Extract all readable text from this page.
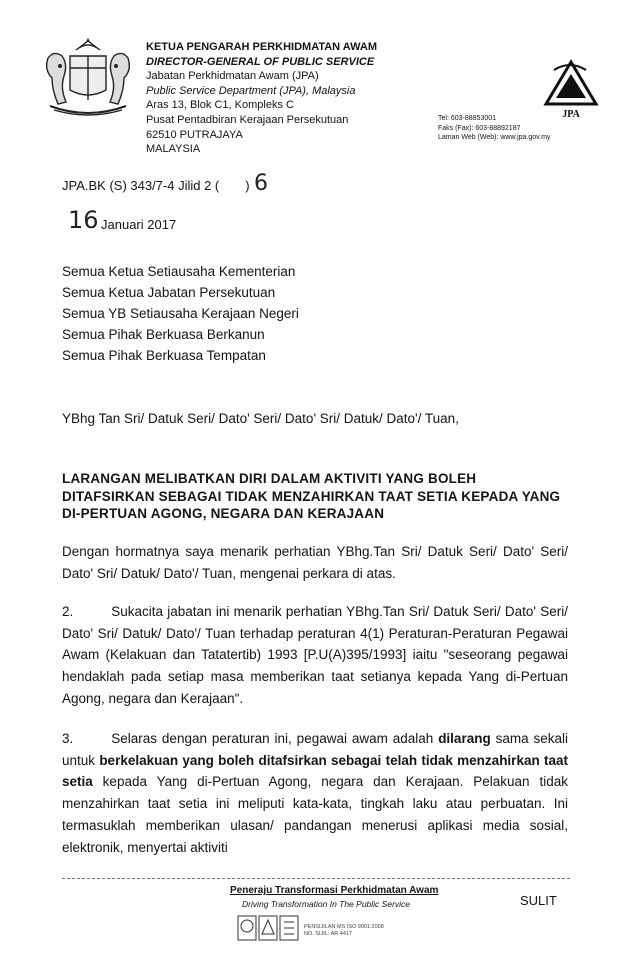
KETUA PENGARAH PERKHIDMATAN AWAM
DIRECTOR-GENERAL OF PUBLIC SERVICE
Jabatan Perkhidmatan Awam (JPA)
Public Service Department (JPA), Malaysia
Aras 13, Blok C1, Kompleks C
Pusat Pentadbiran Kerajaan Persekutuan
62510 PUTRAJAYA
MALAYSIA
JPA
Tel: 603-88853001
Faks (Fax): 603-88892187
Laman Web (Web): www.jpa.gov.my
JPA.BK (S) 343/7-4 Jilid 2 ( ) 6
16 Januari 2017
Semua Ketua Setiausaha Kementerian
Semua Ketua Jabatan Persekutuan
Semua YB Setiausaha Kerajaan Negeri
Semua Pihak Berkuasa Berkanun
Semua Pihak Berkuasa Tempatan
YBhg Tan Sri/ Datuk Seri/ Dato' Seri/ Dato' Sri/ Datuk/ Dato'/ Tuan,
LARANGAN MELIBATKAN DIRI DALAM AKTIVITI YANG BOLEH DITAFSIRKAN SEBAGAI TIDAK MENZAHIRKAN TAAT SETIA KEPADA YANG DI-PERTUAN AGONG, NEGARA DAN KERAJAAN
Dengan hormatnya saya menarik perhatian YBhg.Tan Sri/ Datuk Seri/ Dato' Seri/ Dato' Sri/ Datuk/ Dato'/ Tuan, mengenai perkara di atas.
2.	Sukacita jabatan ini menarik perhatian YBhg.Tan Sri/ Datuk Seri/ Dato' Seri/ Dato' Sri/ Datuk/ Dato'/ Tuan terhadap peraturan 4(1) Peraturan-Peraturan Pegawai Awam (Kelakuan dan Tatatertib) 1993 [P.U(A)395/1993] iaitu "seseorang pegawai hendaklah pada setiap masa memberikan taat setianya kepada Yang di-Pertuan Agong, negara dan Kerajaan".
3.	Selaras dengan peraturan ini, pegawai awam adalah dilarang sama sekali untuk berkelakuan yang boleh ditafsirkan sebagai telah tidak menzahirkan taat setia kepada Yang di-Pertuan Agong, negara dan Kerajaan. Pelakuan tidak menzahirkan taat setia ini meliputi kata-kata, tingkah laku atau perbuatan. Ini termasuklah memberikan ulasan/ pandangan menerusi aplikasi media sosial, elektronik, menyertai aktiviti
Peneraju Transformasi Perkhidmatan Awam
Driving Transformation In The Public Service	SULIT
PENSIJILAN MS ISO 9001:2008
NO. SIJIL: AR 4417
